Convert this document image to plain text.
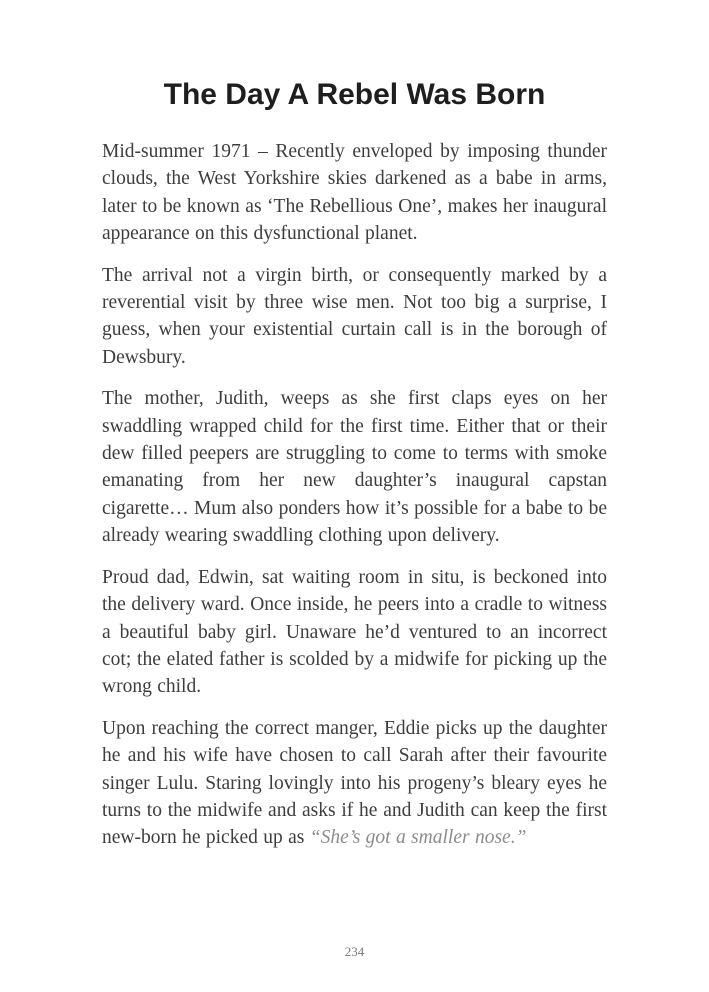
The Day A Rebel Was Born

Mid-summer 1971 – Recently enveloped by imposing thunder clouds, the West Yorkshire skies darkened as a babe in arms, later to be known as ‘The Rebellious One’, makes her inaugural appearance on this dysfunctional planet.

The arrival not a virgin birth, or consequently marked by a reverential visit by three wise men. Not too big a surprise, I guess, when your existential curtain call is in the borough of Dewsbury.

The mother, Judith, weeps as she first claps eyes on her swaddling wrapped child for the first time. Either that or their dew filled peepers are struggling to come to terms with smoke emanating from her new daughter’s inaugural capstan cigarette… Mum also ponders how it’s possible for a babe to be already wearing swaddling clothing upon delivery.

Proud dad, Edwin, sat waiting room in situ, is beckoned into the delivery ward. Once inside, he peers into a cradle to witness a beautiful baby girl. Unaware he’d ventured to an incorrect cot; the elated father is scolded by a midwife for picking up the wrong child.

Upon reaching the correct manger, Eddie picks up the daughter he and his wife have chosen to call Sarah after their favourite singer Lulu. Staring lovingly into his progeny’s bleary eyes he turns to the midwife and asks if he and Judith can keep the first new-born he picked up as “She’s got a smaller nose.”

234
